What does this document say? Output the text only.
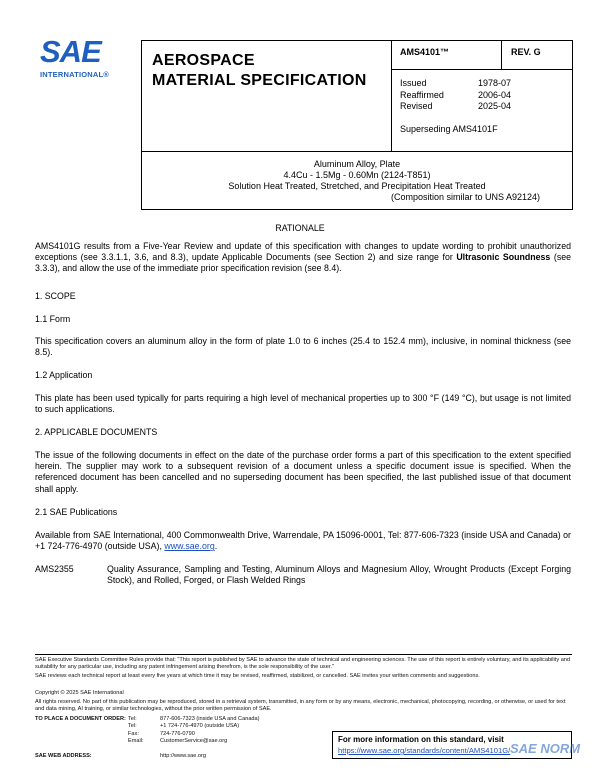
SAE
INTERNATIONAL®
AEROSPACE
MATERIAL SPECIFICATION
AMS4101™	REV. G
Issued	1978-07
Reaffirmed	2006-04
Revised	2025-04
Superseding AMS4101F
Aluminum Alloy, Plate
4.4Cu - 1.5Mg - 0.60Mn (2124-T851)
Solution Heat Treated, Stretched, and Precipitation Heat Treated
(Composition similar to UNS A92124)
RATIONALE
AMS4101G results from a Five-Year Review and update of this specification with changes to update wording to prohibit unauthorized exceptions (see 3.3.1.1, 3.6, and 8.3), update Applicable Documents (see Section 2) and size range for Ultrasonic Soundness (see 3.3.3), and allow the use of the immediate prior specification revision (see 8.4).
1. SCOPE
1.1 Form
This specification covers an aluminum alloy in the form of plate 1.0 to 6 inches (25.4 to 152.4 mm), inclusive, in nominal thickness (see 8.5).
1.2 Application
This plate has been used typically for parts requiring a high level of mechanical properties up to 300 °F (149 °C), but usage is not limited to such applications.
2. APPLICABLE DOCUMENTS
The issue of the following documents in effect on the date of the purchase order forms a part of this specification to the extent specified herein. The supplier may work to a subsequent revision of a document unless a specific document issue is specified. When the referenced document has been cancelled and no superseding document has been specified, the last published issue of that document shall apply.
2.1 SAE Publications
Available from SAE International, 400 Commonwealth Drive, Warrendale, PA 15096-0001, Tel: 877-606-7323 (inside USA and Canada) or +1 724-776-4970 (outside USA), www.sae.org.
AMS2355	Quality Assurance, Sampling and Testing, Aluminum Alloys and Magnesium Alloy, Wrought Products (Except Forging Stock), and Rolled, Forged, or Flash Welded Rings
SAE Executive Standards Committee Rules provide that: "This report is published by SAE to advance the state of technical and engineering sciences. The use of this report is entirely voluntary, and its applicability and suitability for any particular use, including any patent infringement arising therefrom, is the sole responsibility of the user."
SAE reviews each technical report at least every five years at which time it may be revised, reaffirmed, stabilized, or cancelled. SAE invites your written comments and suggestions.
Copyright © 2025 SAE International
All rights reserved. No part of this publication may be reproduced, stored in a retrieval system, transmitted, in any form or by any means, electronic, mechanical, photocopying, recording, or otherwise, or used for text and data mining, AI training, or similar technologies, without the prior written permission of SAE.
TO PLACE A DOCUMENT ORDER: Tel:	877-606-7323 (inside USA and Canada)
Tel:	+1 724-776-4970 (outside USA)
Fax:	724-776-0790
Email:	CustomerService@sae.org
SAE WEB ADDRESS:	http://www.sae.org
For more information on this standard, visit
https://www.sae.org/standards/content/AMS4101G/ SAE NORM
